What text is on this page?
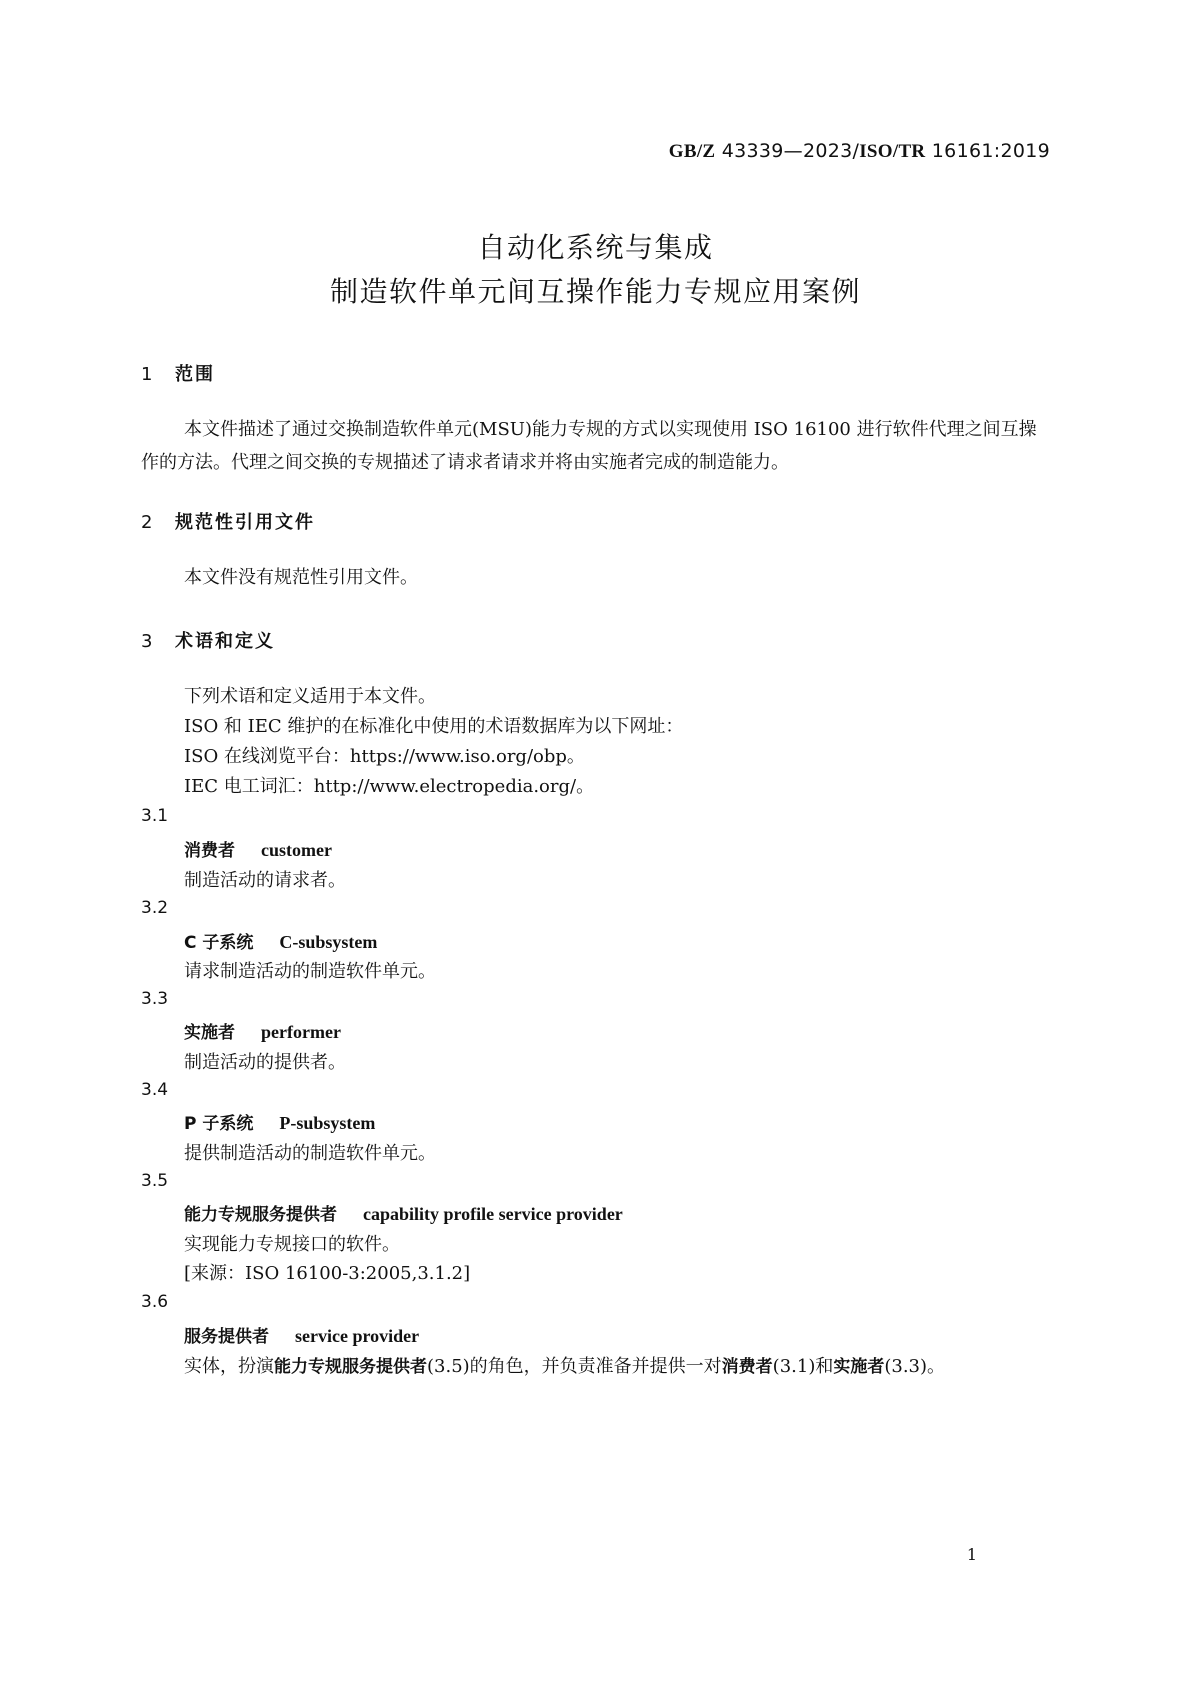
GB/Z 43339—2023/ISO/TR 16161:2019
自动化系统与集成
制造软件单元间互操作能力专规应用案例
1 范围
本文件描述了通过交换制造软件单元(MSU)能力专规的方式以实现使用 ISO 16100 进行软件代理之间互操作的方法。代理之间交换的专规描述了请求者请求并将由实施者完成的制造能力。
2 规范性引用文件
本文件没有规范性引用文件。
3 术语和定义
下列术语和定义适用于本文件。
ISO 和 IEC 维护的在标准化中使用的术语数据库为以下网址：
ISO 在线浏览平台：https://www.iso.org/obp。
IEC 电工词汇：http://www.electropedia.org/。
3.1
消费者 customer
制造活动的请求者。
3.2
C 子系统 C-subsystem
请求制造活动的制造软件单元。
3.3
实施者 performer
制造活动的提供者。
3.4
P 子系统 P-subsystem
提供制造活动的制造软件单元。
3.5
能力专规服务提供者 capability profile service provider
实现能力专规接口的软件。
[来源：ISO 16100-3:2005,3.1.2]
3.6
服务提供者 service provider
实体，扮演能力专规服务提供者(3.5)的角色，并负责准备并提供一对消费者(3.1)和实施者(3.3)。
1
